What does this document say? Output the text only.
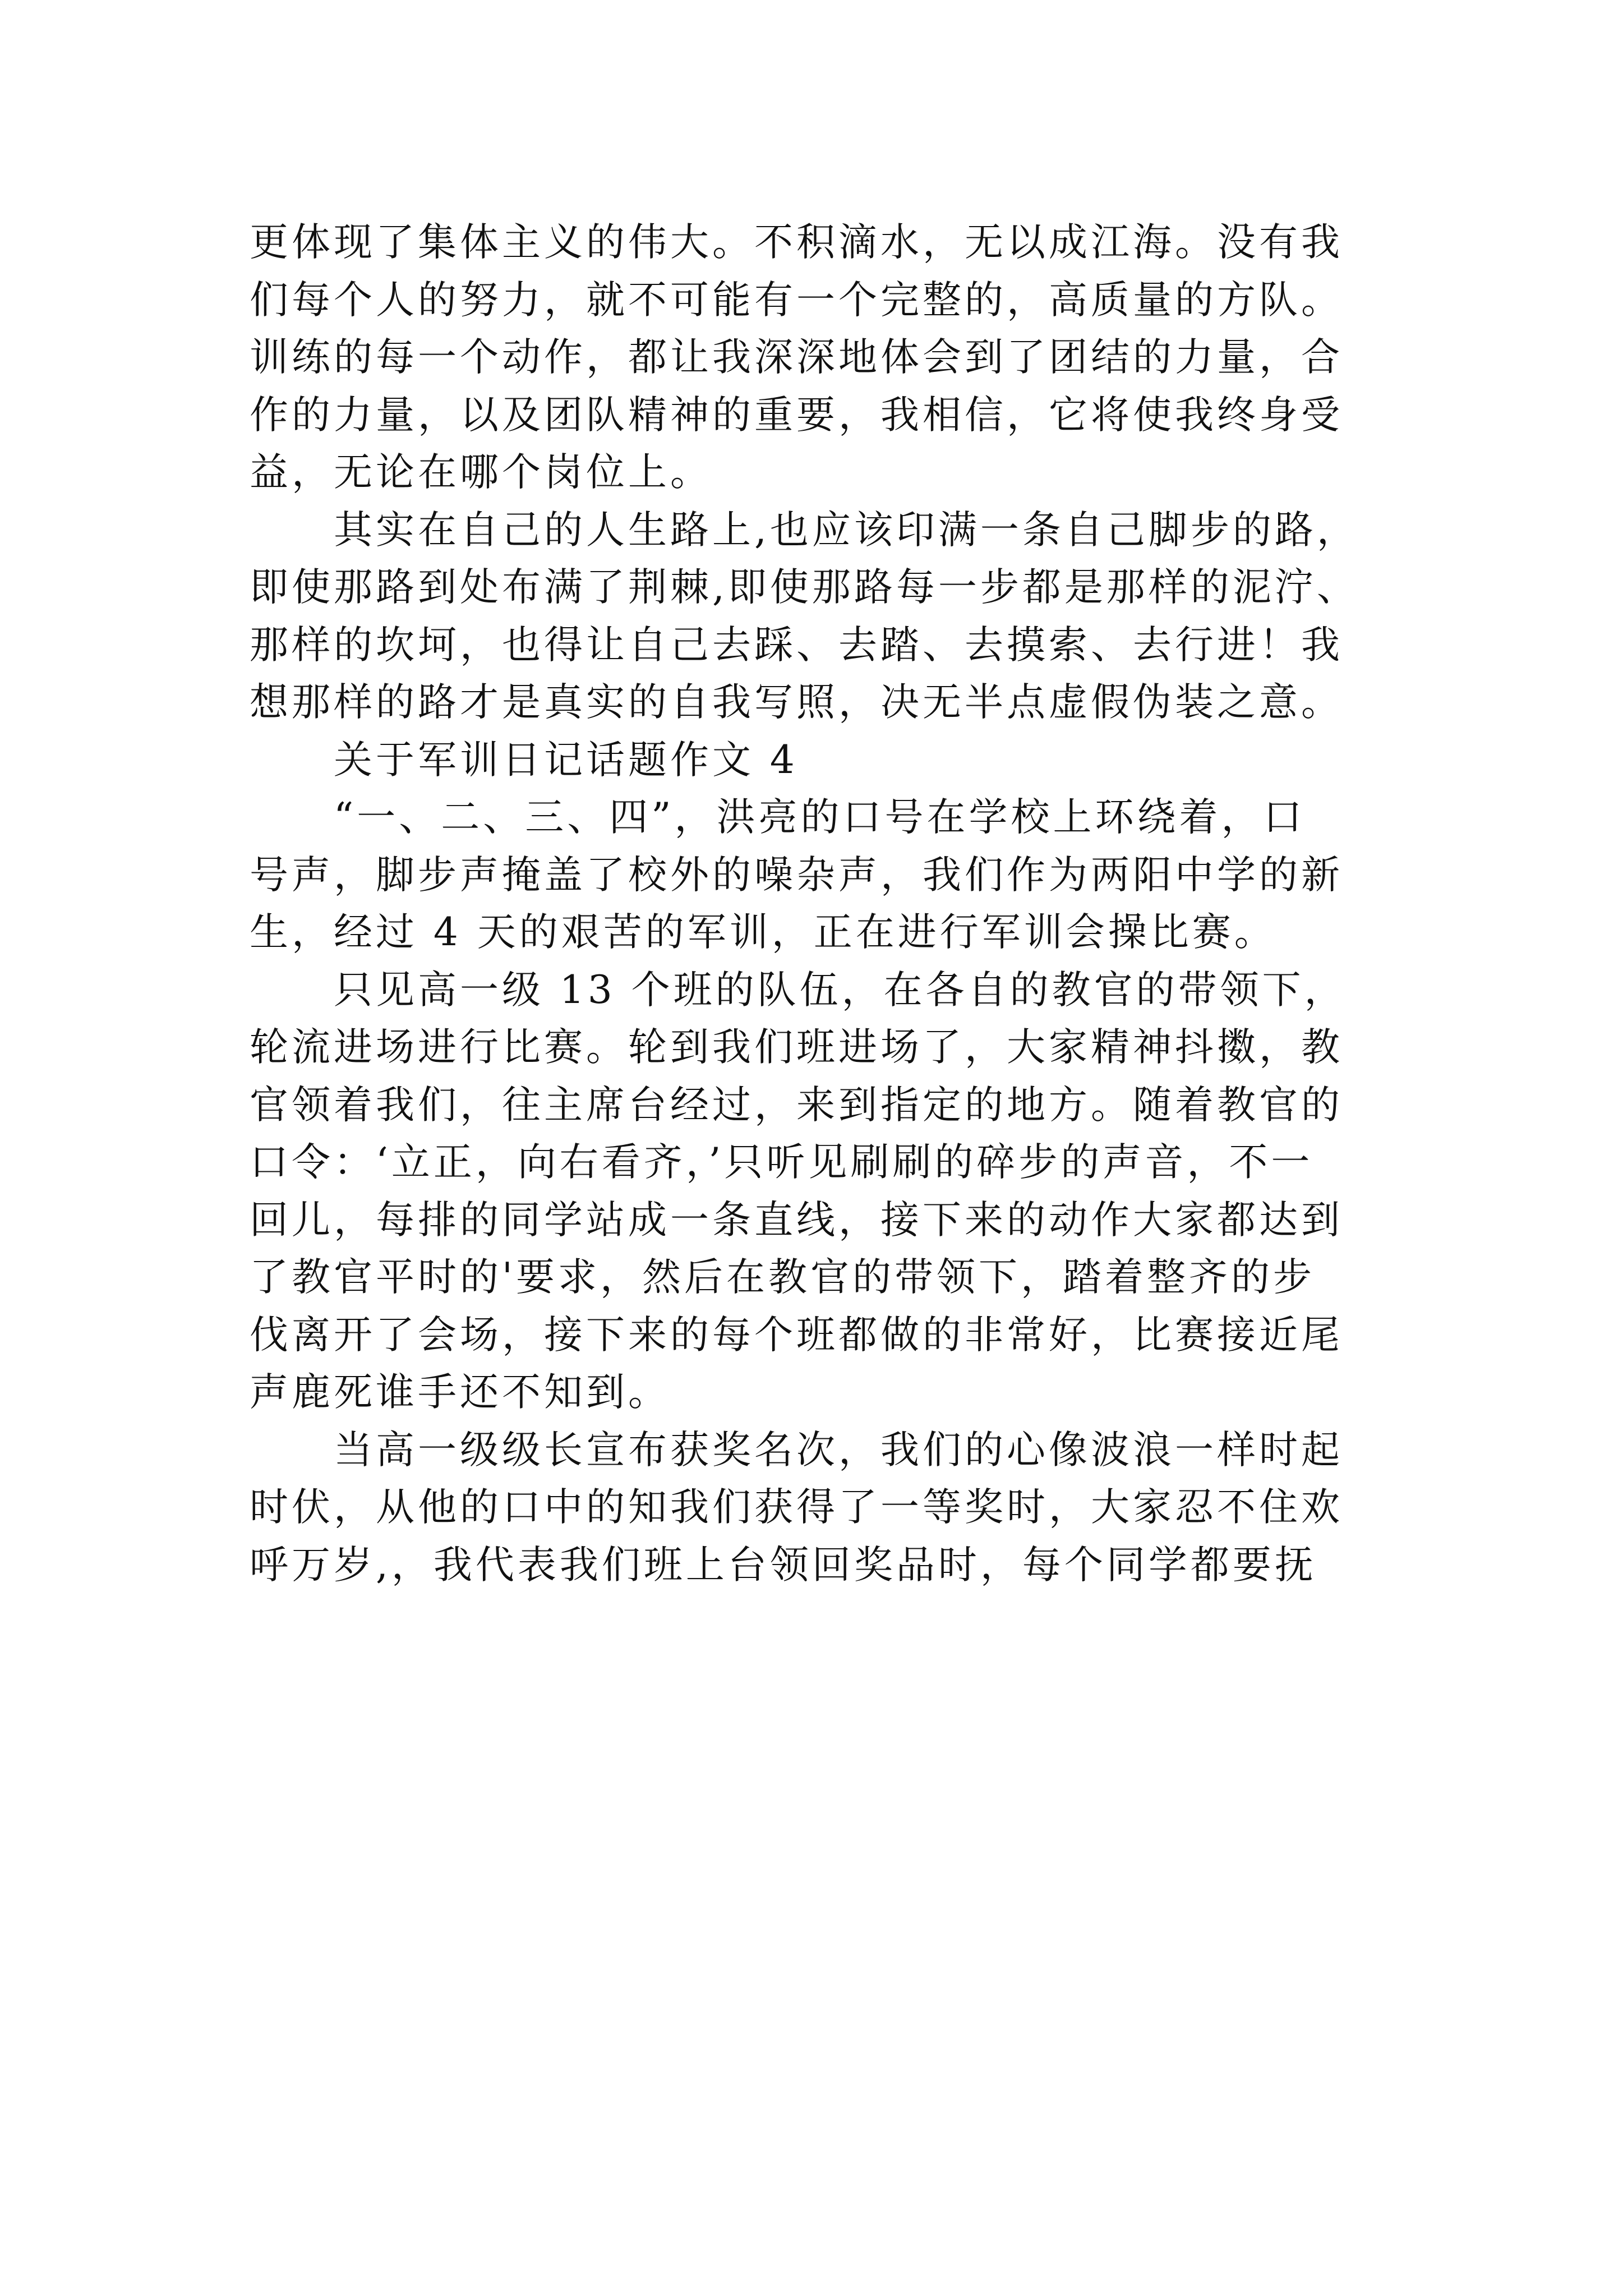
更体现了集体主义的伟大。不积滴水，无以成江海。没有我
们每个人的努力，就不可能有一个完整的，高质量的方队。
训练的每一个动作，都让我深深地体会到了团结的力量，合
作的力量，以及团队精神的重要，我相信，它将使我终身受
益，无论在哪个岗位上。
其实在自己的人生路上,也应该印满一条自己脚步的路，
即使那路到处布满了荆棘,即使那路每一步都是那样的泥泞、
那样的坎坷，也得让自己去踩、去踏、去摸索、去行进！我
想那样的路才是真实的自我写照，决无半点虚假伪装之意。
关于军训日记话题作文 4
“一、二、三、四”，洪亮的口号在学校上环绕着，口
号声，脚步声掩盖了校外的噪杂声，我们作为两阳中学的新
生，经过 4 天的艰苦的军训，正在进行军训会操比赛。
只见高一级 13 个班的队伍，在各自的教官的带领下，
轮流进场进行比赛。轮到我们班进场了，大家精神抖擞，教
官领着我们，往主席台经过，来到指定的地方。随着教官的
口令：‘立正，向右看齐，’只听见刷刷的碎步的声音，不一
回儿，每排的同学站成一条直线，接下来的动作大家都达到
了教官平时的'要求，然后在教官的带领下，踏着整齐的步
伐离开了会场，接下来的每个班都做的非常好，比赛接近尾
声鹿死谁手还不知到。
当高一级级长宣布获奖名次，我们的心像波浪一样时起
时伏，从他的口中的知我们获得了一等奖时，大家忍不住欢
呼万岁,，我代表我们班上台领回奖品时，每个同学都要抚
